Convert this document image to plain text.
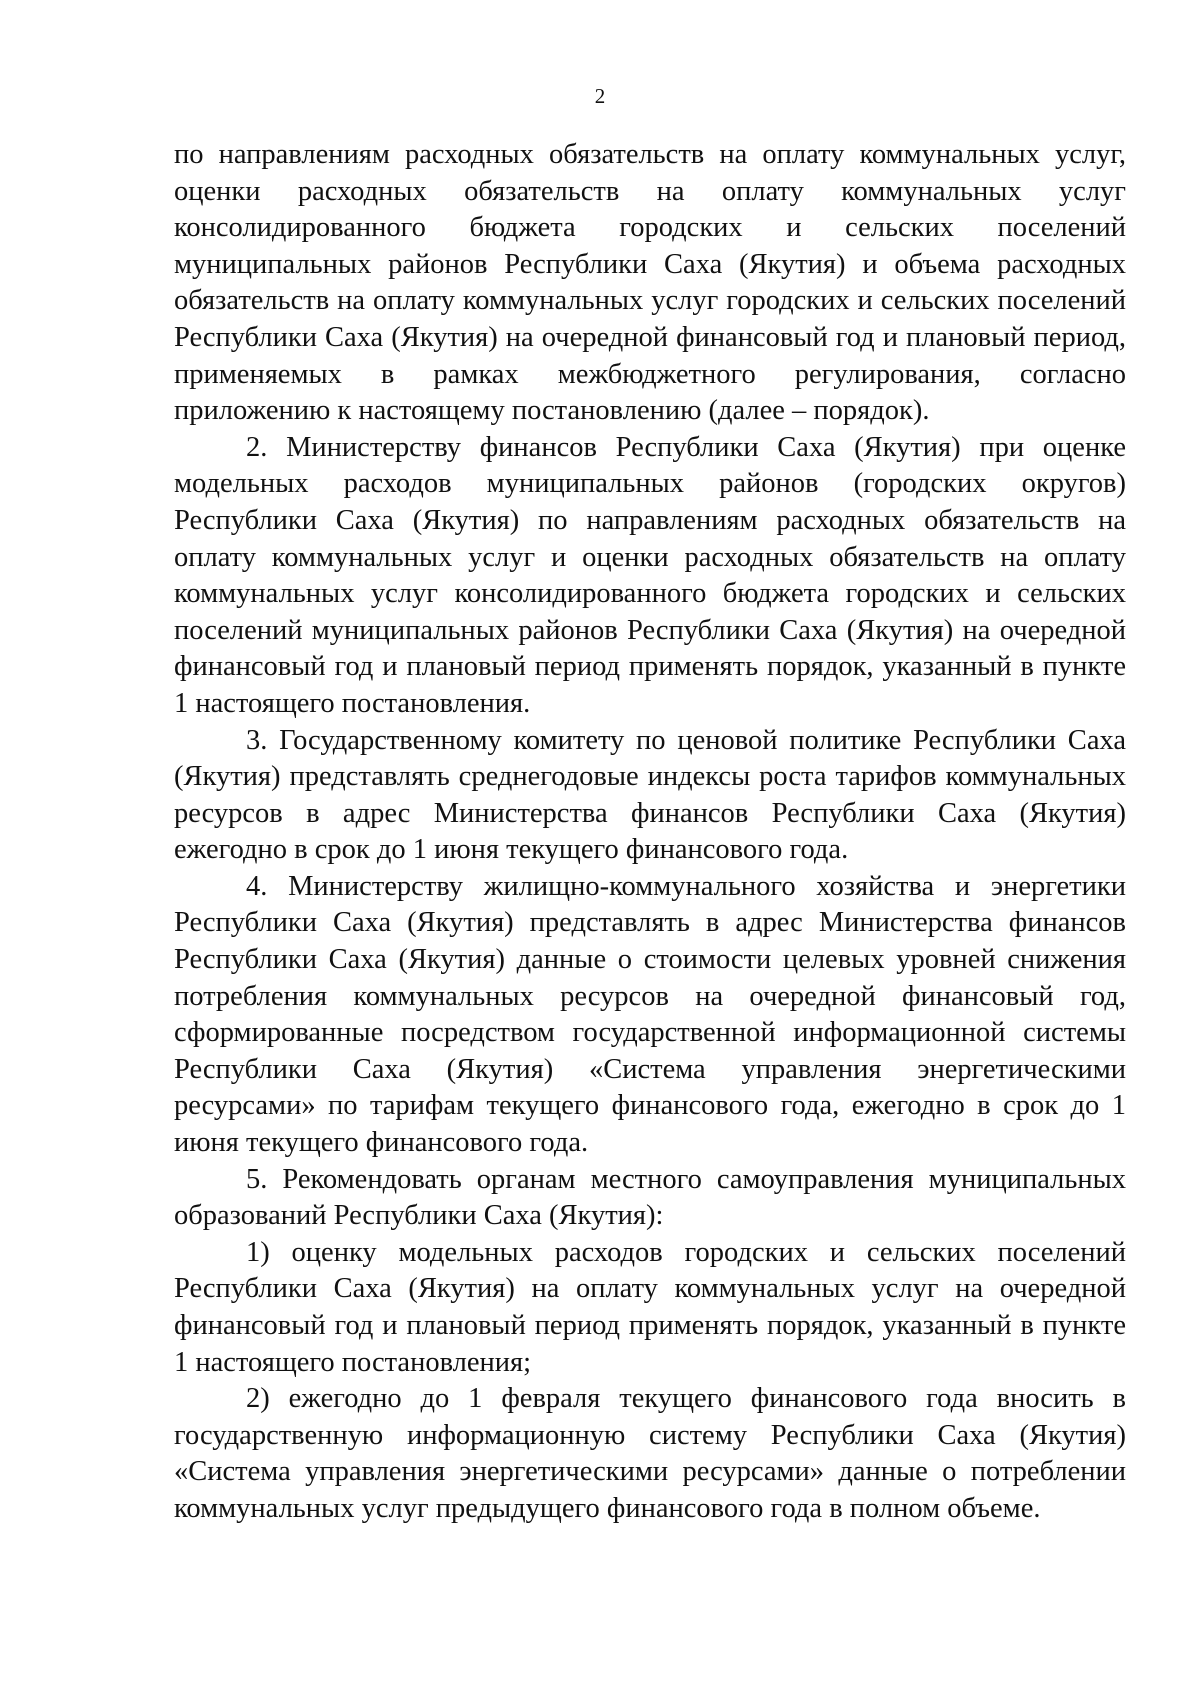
2

по направлениям расходных обязательств на оплату коммунальных услуг, оценки расходных обязательств на оплату коммунальных услуг консолидированного бюджета городских и сельских поселений муниципальных районов Республики Саха (Якутия) и объема расходных обязательств на оплату коммунальных услуг городских и сельских поселений Республики Саха (Якутия) на очередной финансовый год и плановый период, применяемых в рамках межбюджетного регулирования, согласно приложению к настоящему постановлению (далее – порядок).

2. Министерству финансов Республики Саха (Якутия) при оценке модельных расходов муниципальных районов (городских округов) Республики Саха (Якутия) по направлениям расходных обязательств на оплату коммунальных услуг и оценки расходных обязательств на оплату коммунальных услуг консолидированного бюджета городских и сельских поселений муниципальных районов Республики Саха (Якутия) на очередной финансовый год и плановый период применять порядок, указанный в пункте 1 настоящего постановления.

3. Государственному комитету по ценовой политике Республики Саха (Якутия) представлять среднегодовые индексы роста тарифов коммунальных ресурсов в адрес Министерства финансов Республики Саха (Якутия) ежегодно в срок до 1 июня текущего финансового года.

4. Министерству жилищно-коммунального хозяйства и энергетики Республики Саха (Якутия) представлять в адрес Министерства финансов Республики Саха (Якутия) данные о стоимости целевых уровней снижения потребления коммунальных ресурсов на очередной финансовый год, сформированные посредством государственной информационной системы Республики Саха (Якутия) «Система управления энергетическими ресурсами» по тарифам текущего финансового года, ежегодно в срок до 1 июня текущего финансового года.

5. Рекомендовать органам местного самоуправления муниципальных образований Республики Саха (Якутия):

1) оценку модельных расходов городских и сельских поселений Республики Саха (Якутия) на оплату коммунальных услуг на очередной финансовый год и плановый период применять порядок, указанный в пункте 1 настоящего постановления;

2) ежегодно до 1 февраля текущего финансового года вносить в государственную информационную систему Республики Саха (Якутия) «Система управления энергетическими ресурсами» данные о потреблении коммунальных услуг предыдущего финансового года в полном объеме.
